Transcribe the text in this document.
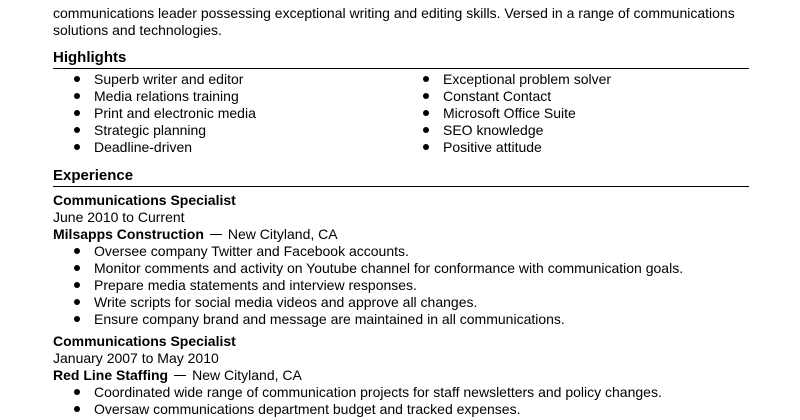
communications leader possessing exceptional writing and editing skills. Versed in a range of communications
solutions and technologies.
Highlights
Superb writer and editor
Media relations training
Print and electronic media
Strategic planning
Deadline-driven
Exceptional problem solver
Constant Contact
Microsoft Office Suite
SEO knowledge
Positive attitude
Experience
Communications Specialist
June 2010 to Current
Milsapps Construction New Cityland, CA
Oversee company Twitter and Facebook accounts.
Monitor comments and activity on Youtube channel for conformance with communication goals.
Prepare media statements and interview responses.
Write scripts for social media videos and approve all changes.
Ensure company brand and message are maintained in all communications.
Communications Specialist
January 2007 to May 2010
Red Line Staffing New Cityland, CA
Coordinated wide range of communication projects for staff newsletters and policy changes.
Oversaw communications department budget and tracked expenses.
